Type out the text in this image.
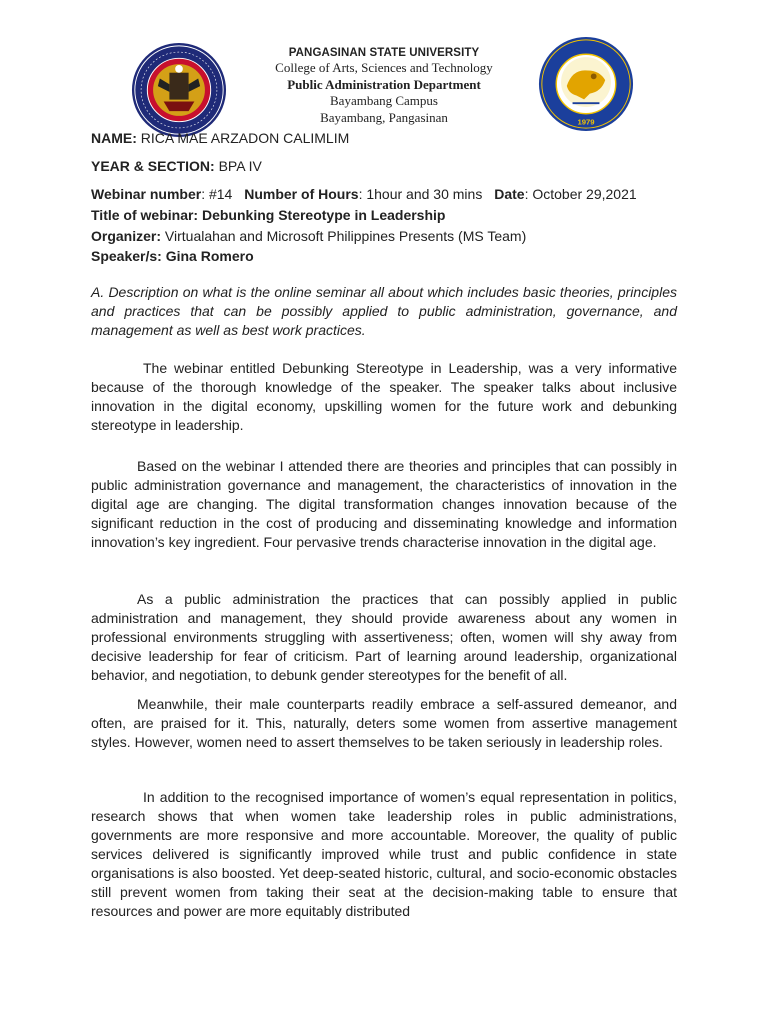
1979
PANGASINAN STATE UNIVERSITY
College of Arts, Sciences and Technology
Public Administration Department
Bayambang Campus
Bayambang, Pangasinan
NAME: RICA MAE ARZADON CALIMLIM
YEAR & SECTION: BPA IV
Webinar number: #14 Number of Hours: 1hour and 30 mins Date: October 29,2021
Title of webinar: Debunking Stereotype in Leadership
Organizer: Virtualahan and Microsoft Philippines Presents (MS Team)
Speaker/s: Gina Romero
A. Description on what is the online seminar all about which includes basic theories, principles and practices that can be possibly applied to public administration, governance, and management as well as best work practices.
The webinar entitled Debunking Stereotype in Leadership, was a very informative because of the thorough knowledge of the speaker. The speaker talks about inclusive innovation in the digital economy, upskilling women for the future work and debunking stereotype in leadership.
Based on the webinar I attended there are theories and principles that can possibly in public administration governance and management, the characteristics of innovation in the digital age are changing. The digital transformation changes innovation because of the significant reduction in the cost of producing and disseminating knowledge and information innovation’s key ingredient. Four pervasive trends characterise innovation in the digital age.
As a public administration the practices that can possibly applied in public administration and management, they should provide awareness about any women in professional environments struggling with assertiveness; often, women will shy away from decisive leadership for fear of criticism. Part of learning around leadership, organizational behavior, and negotiation, to debunk gender stereotypes for the benefit of all.
Meanwhile, their male counterparts readily embrace a self-assured demeanor, and often, are praised for it. This, naturally, deters some women from assertive management styles. However, women need to assert themselves to be taken seriously in leadership roles.
In addition to the recognised importance of women’s equal representation in politics, research shows that when women take leadership roles in public administrations, governments are more responsive and more accountable. Moreover, the quality of public services delivered is significantly improved while trust and public confidence in state organisations is also boosted. Yet deep-seated historic, cultural, and socio-economic obstacles still prevent women from taking their seat at the decision-making table to ensure that resources and power are more equitably distributed
